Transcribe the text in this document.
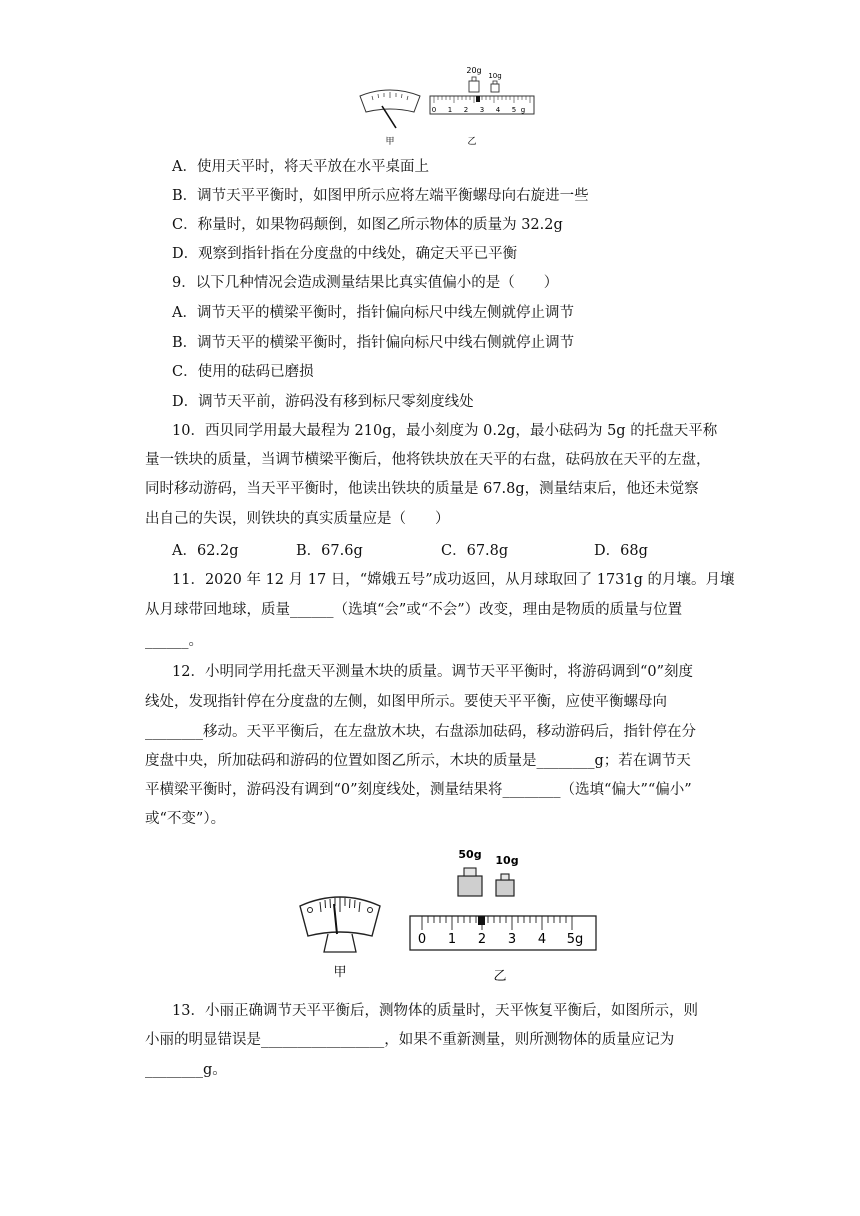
甲
20g
10g
0 1 2 3 4 5 g
乙
A．使用天平时，将天平放在水平桌面上
B．调节天平平衡时，如图甲所示应将左端平衡螺母向右旋进一些
C．称量时，如果物码颠倒，如图乙所示物体的质量为 32.2g
D．观察到指针指在分度盘的中线处，确定天平已平衡
9．以下几种情况会造成测量结果比真实值偏小的是（　　）
A．调节天平的横梁平衡时，指针偏向标尺中线左侧就停止调节
B．调节天平的横梁平衡时，指针偏向标尺中线右侧就停止调节
C．使用的砝码已磨损
D．调节天平前，游码没有移到标尺零刻度线处
10．西贝同学用最大最程为 210g，最小刻度为 0.2g，最小砝码为 5g 的托盘天平称
量一铁块的质量，当调节横梁平衡后，他将铁块放在天平的右盘，砝码放在天平的左盘，
同时移动游码，当天平平衡时，他读出铁块的质量是 67.8g，测量结束后，他还未觉察
出自己的失误，则铁块的真实质量应是（　　）
A．62.2g	B．67.6g	C．67.8g	D．68g
11．2020 年 12 月 17 日，“嫦娥五号”成功返回，从月球取回了 1731g 的月壤。月壤
从月球带回地球，质量______（选填“会”或“不会”）改变，理由是物质的质量与位置
______。
12．小明同学用托盘天平测量木块的质量。调节天平平衡时，将游码调到“0”刻度
线处，发现指针停在分度盘的左侧，如图甲所示。要使天平平衡，应使平衡螺母向
________移动。天平平衡后，在左盘放木块，右盘添加砝码，移动游码后，指针停在分
度盘中央，所加砝码和游码的位置如图乙所示，木块的质量是________g；若在调节天
平横梁平衡时，游码没有调到“0”刻度线处，测量结果将________（选填“偏大”“偏小”
或“不变”）。
甲
50g 10g
0 1 2 3 4 5g
乙
13．小丽正确调节天平平衡后，测物体的质量时，天平恢复平衡后，如图所示，则
小丽的明显错误是_________________，如果不重新测量，则所测物体的质量应记为
________g。
